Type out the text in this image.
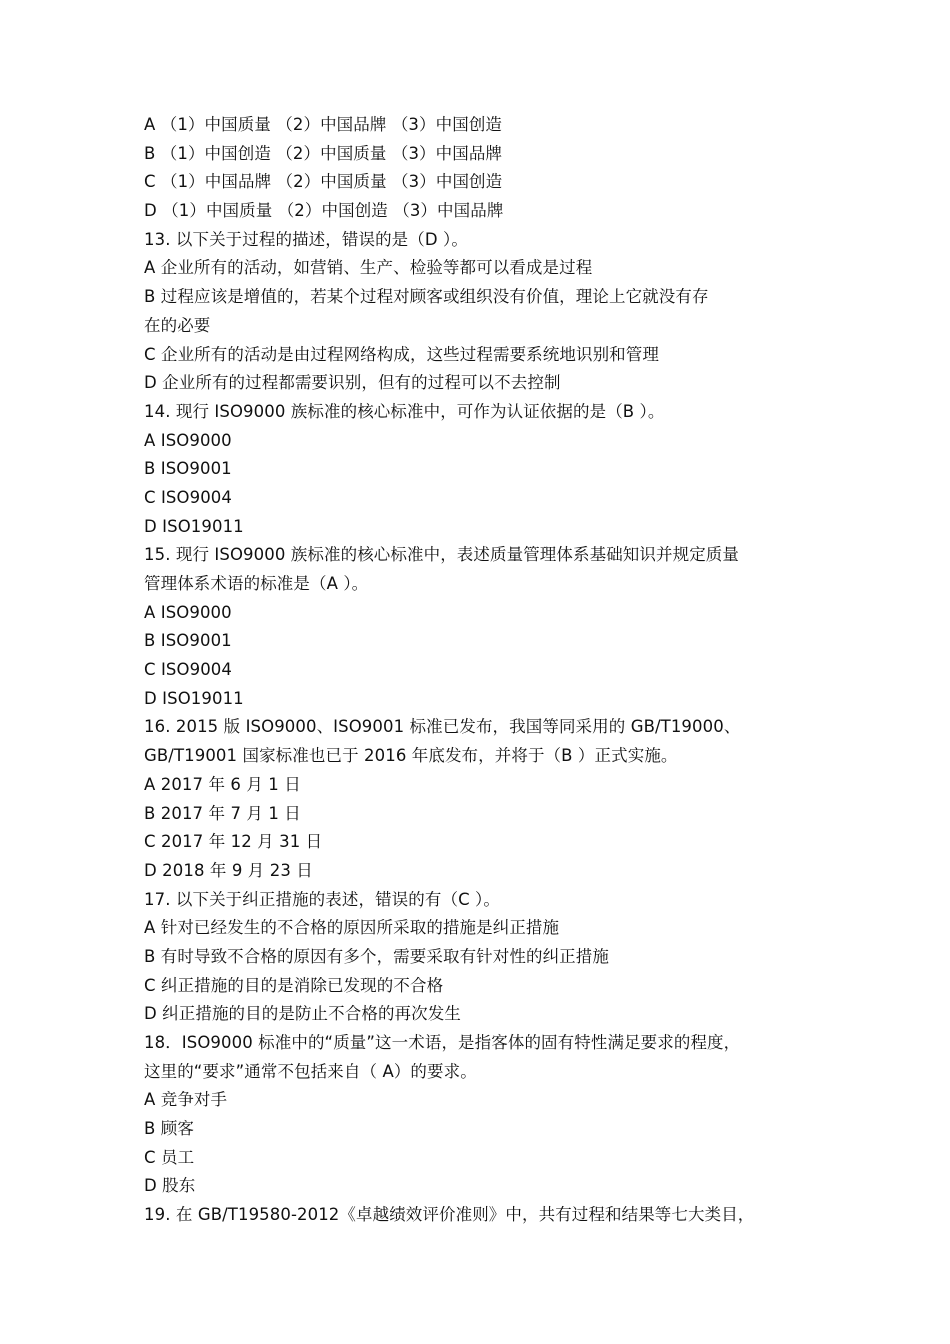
A （1）中国质量 （2）中国品牌 （3）中国创造
B （1）中国创造 （2）中国质量 （3）中国品牌
C （1）中国品牌 （2）中国质量 （3）中国创造
D （1）中国质量 （2）中国创造 （3）中国品牌
13. 以下关于过程的描述，错误的是（D ）。
A 企业所有的活动，如营销、生产、检验等都可以看成是过程
B 过程应该是增值的，若某个过程对顾客或组织没有价值，理论上它就没有存
在的必要
C 企业所有的活动是由过程网络构成，这些过程需要系统地识别和管理
D 企业所有的过程都需要识别，但有的过程可以不去控制
14. 现行 ISO9000 族标准的核心标准中，可作为认证依据的是（B ）。
A ISO9000
B ISO9001
C ISO9004
D ISO19011
15. 现行 ISO9000 族标准的核心标准中，表述质量管理体系基础知识并规定质量
管理体系术语的标准是（A ）。
A ISO9000
B ISO9001
C ISO9004
D ISO19011
16. 2015 版 ISO9000、ISO9001 标准已发布，我国等同采用的 GB/T19000、
GB/T19001 国家标准也已于 2016 年底发布，并将于（B ）正式实施。
A 2017 年 6 月 1 日
B 2017 年 7 月 1 日
C 2017 年 12 月 31 日
D 2018 年 9 月 23 日
17. 以下关于纠正措施的表述，错误的有（C ）。
A 针对已经发生的不合格的原因所采取的措施是纠正措施
B 有时导致不合格的原因有多个，需要采取有针对性的纠正措施
C 纠正措施的目的是消除已发现的不合格
D 纠正措施的目的是防止不合格的再次发生
18．ISO9000 标准中的“质量”这一术语，是指客体的固有特性满足要求的程度，
这里的“要求”通常不包括来自（ A）的要求。
A 竞争对手
B 顾客
C 员工
D 股东
19. 在 GB/T19580-2012《卓越绩效评价准则》中，共有过程和结果等七大类目，
